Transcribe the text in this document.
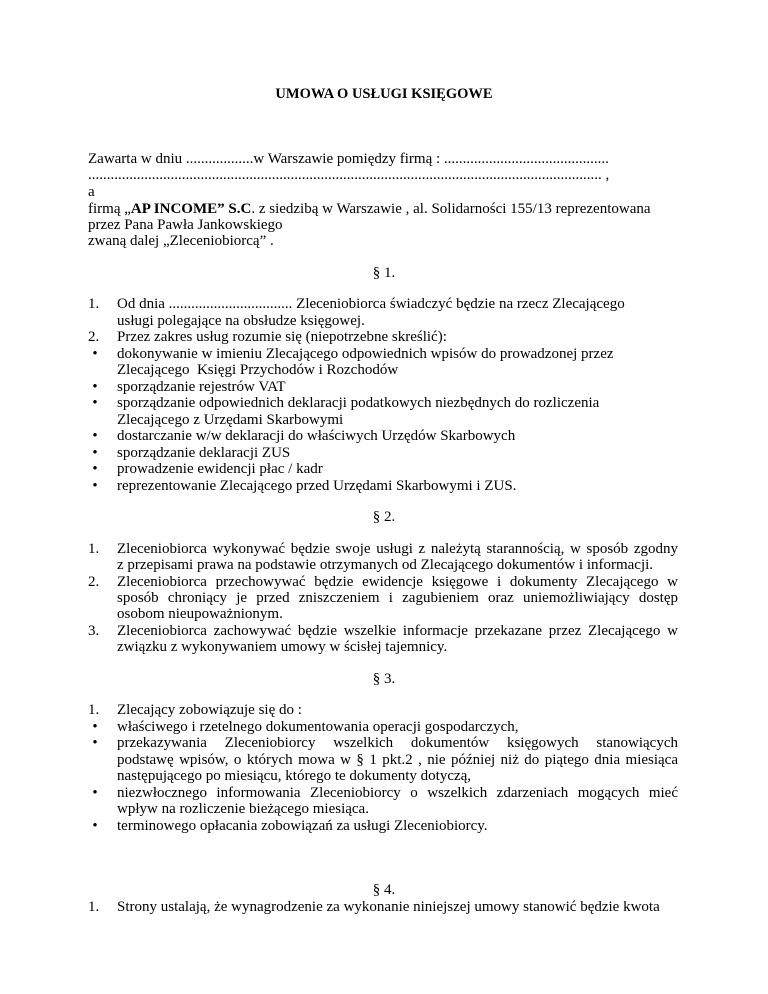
UMOWA O USŁUGI KSIĘGOWE
Zawarta w dniu ..................w Warszawie pomiędzy firmą : ............................................
......................................................................................................................................... ,
a
firmą „AP INCOME” S.C. z siedzibą w Warszawie , al. Solidarności 155/13 reprezentowana
przez Pana Pawła Jankowskiego
zwaną dalej „Zleceniobiorcą” .
§ 1.
1. Od dnia ................................. Zleceniobiorca świadczyć będzie na rzecz Zlecającego
usługi polegające na obsłudze księgowej.
2. Przez zakres usług rozumie się (niepotrzebne skreślić):
• dokonywanie w imieniu Zlecającego odpowiednich wpisów do prowadzonej przez
Zlecającego  Księgi Przychodów i Rozchodów
• sporządzanie rejestrów VAT
• sporządzanie odpowiednich deklaracji podatkowych niezbędnych do rozliczenia
Zlecającego z Urzędami Skarbowymi
• dostarczanie w/w deklaracji do właściwych Urzędów Skarbowych
• sporządzanie deklaracji ZUS
• prowadzenie ewidencji płac / kadr
• reprezentowanie Zlecającego przed Urzędami Skarbowymi i ZUS.
§ 2.
1. Zleceniobiorca wykonywać będzie swoje usługi z należytą starannością, w sposób zgodny
z przepisami prawa na podstawie otrzymanych od Zlecającego dokumentów i informacji.
2. Zleceniobiorca przechowywać będzie ewidencje księgowe i dokumenty Zlecającego w
sposób chroniący je przed zniszczeniem i zagubieniem oraz uniemożliwiający dostęp
osobom nieupoważnionym.
3. Zleceniobiorca zachowywać będzie wszelkie informacje przekazane przez Zlecającego w
związku z wykonywaniem umowy w ścisłej tajemnicy.
§ 3.
1. Zlecający zobowiązuje się do :
• właściwego i rzetelnego dokumentowania operacji gospodarczych,
• przekazywania Zleceniobiorcy wszelkich dokumentów księgowych stanowiących
podstawę wpisów, o których mowa w § 1 pkt.2 , nie później niż do piątego dnia miesiąca
następującego po miesiącu, którego te dokumenty dotyczą,
• niezwłocznego informowania Zleceniobiorcy o wszelkich zdarzeniach mogących mieć
wpływ na rozliczenie bieżącego miesiąca.
• terminowego opłacania zobowiązań za usługi Zleceniobiorcy.
§ 4.
1. Strony ustalają, że wynagrodzenie za wykonanie niniejszej umowy stanowić będzie kwota
